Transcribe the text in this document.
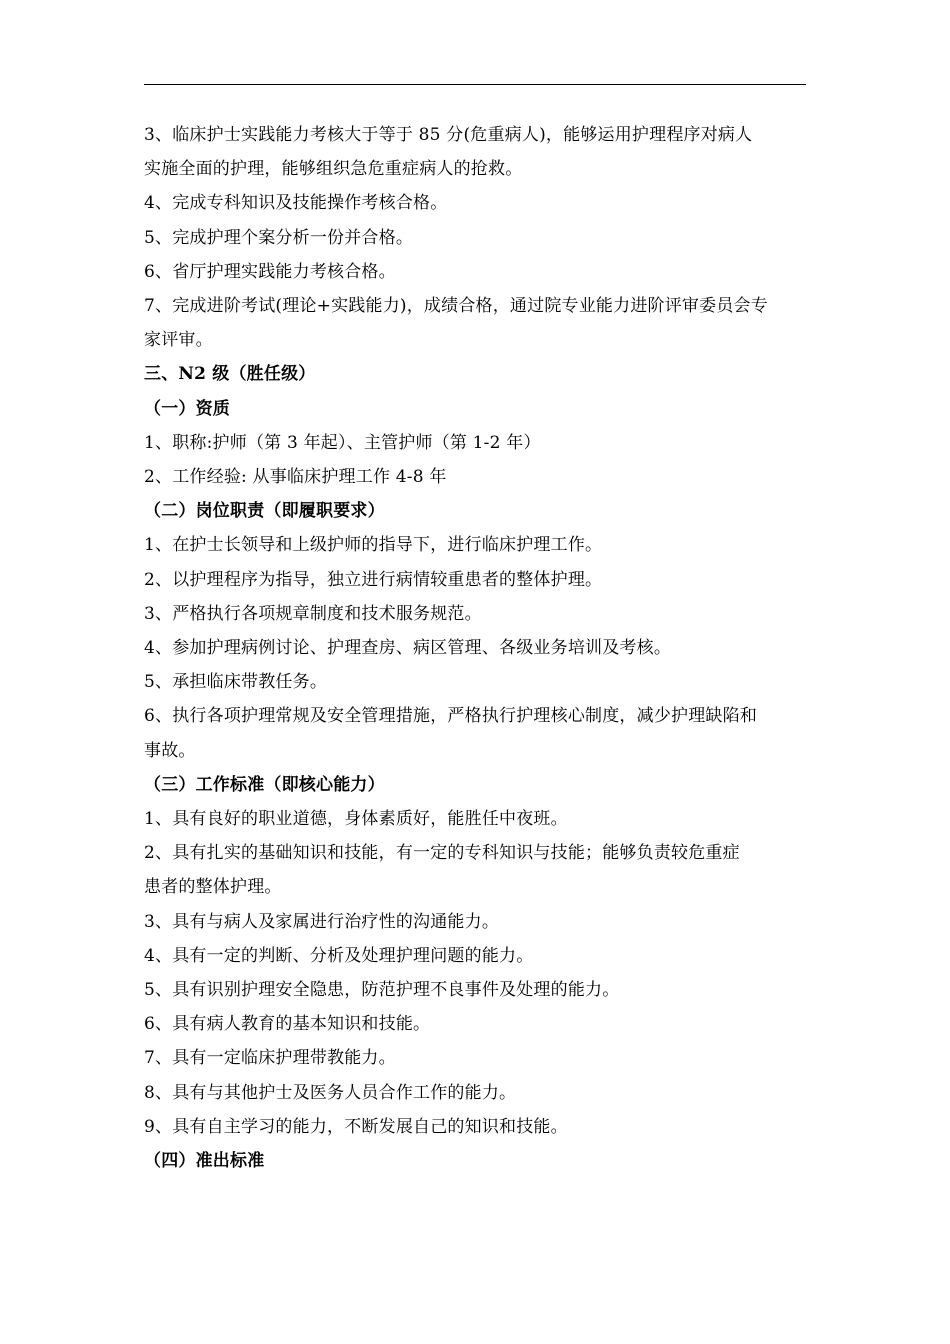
3、临床护士实践能力考核大于等于 85 分(危重病人)，能够运用护理程序对病人
实施全面的护理，能够组织急危重症病人的抢救。
4、完成专科知识及技能操作考核合格。
5、完成护理个案分析一份并合格。
6、省厅护理实践能力考核合格。
7、完成进阶考试(理论+实践能力)，成绩合格，通过院专业能力进阶评审委员会专
家评审。
三、N2 级（胜任级）
（一）资质
1、职称:护师（第 3 年起）、主管护师（第 1-2 年）
2、工作经验: 从事临床护理工作 4-8 年
（二）岗位职责（即履职要求）
1、在护士长领导和上级护师的指导下，进行临床护理工作。
2、以护理程序为指导，独立进行病情较重患者的整体护理。
3、严格执行各项规章制度和技术服务规范。
4、参加护理病例讨论、护理查房、病区管理、各级业务培训及考核。
5、承担临床带教任务。
6、执行各项护理常规及安全管理措施，严格执行护理核心制度，减少护理缺陷和
事故。
（三）工作标准（即核心能力）
1、具有良好的职业道德，身体素质好，能胜任中夜班。
2、具有扎实的基础知识和技能，有一定的专科知识与技能；能够负责较危重症
患者的整体护理。
3、具有与病人及家属进行治疗性的沟通能力。
4、具有一定的判断、分析及处理护理问题的能力。
5、具有识别护理安全隐患，防范护理不良事件及处理的能力。
6、具有病人教育的基本知识和技能。
7、具有一定临床护理带教能力。
8、具有与其他护士及医务人员合作工作的能力。
9、具有自主学习的能力，不断发展自己的知识和技能。
（四）准出标准
